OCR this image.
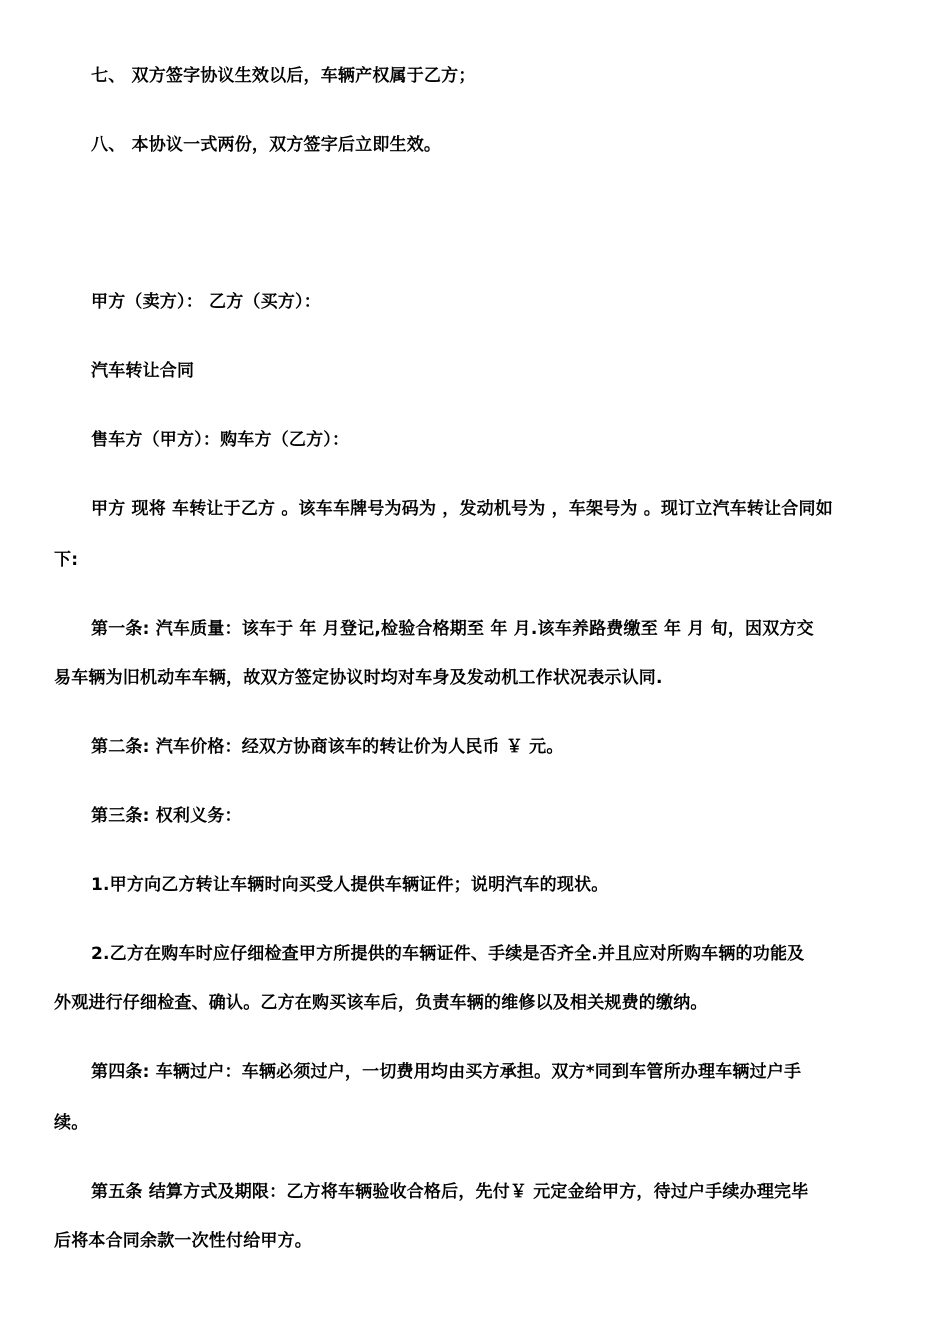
七、 双方签字协议生效以后，车辆产权属于乙方；

八、 本协议一式两份，双方签字后立即生效。

甲方（卖方）： 乙方（买方）：

汽车转让合同

售车方（甲方）：购车方（乙方）：

甲方 现将 车转让于乙方 。该车车牌号为码为 ，发动机号为 ，车架号为 。现订立汽车转让合同如

下:

第一条: 汽车质量：该车于 年 月登记,检验合格期至 年 月.该车养路费缴至 年 月 旬，因双方交

易车辆为旧机动车车辆，故双方签定协议时均对车身及发动机工作状况表示认同.

第二条: 汽车价格：经双方协商该车的转让价为人民币 ￥ 元。

第三条: 权利义务：

1.甲方向乙方转让车辆时向买受人提供车辆证件；说明汽车的现状。

2.乙方在购车时应仔细检查甲方所提供的车辆证件、手续是否齐全.并且应对所购车辆的功能及

外观进行仔细检查、确认。乙方在购买该车后，负责车辆的维修以及相关规费的缴纳。

第四条: 车辆过户：车辆必须过户，一切费用均由买方承担。双方*同到车管所办理车辆过户手

续。

第五条 结算方式及期限：乙方将车辆验收合格后，先付￥ 元定金给甲方，待过户手续办理完毕

后将本合同余款一次性付给甲方。
